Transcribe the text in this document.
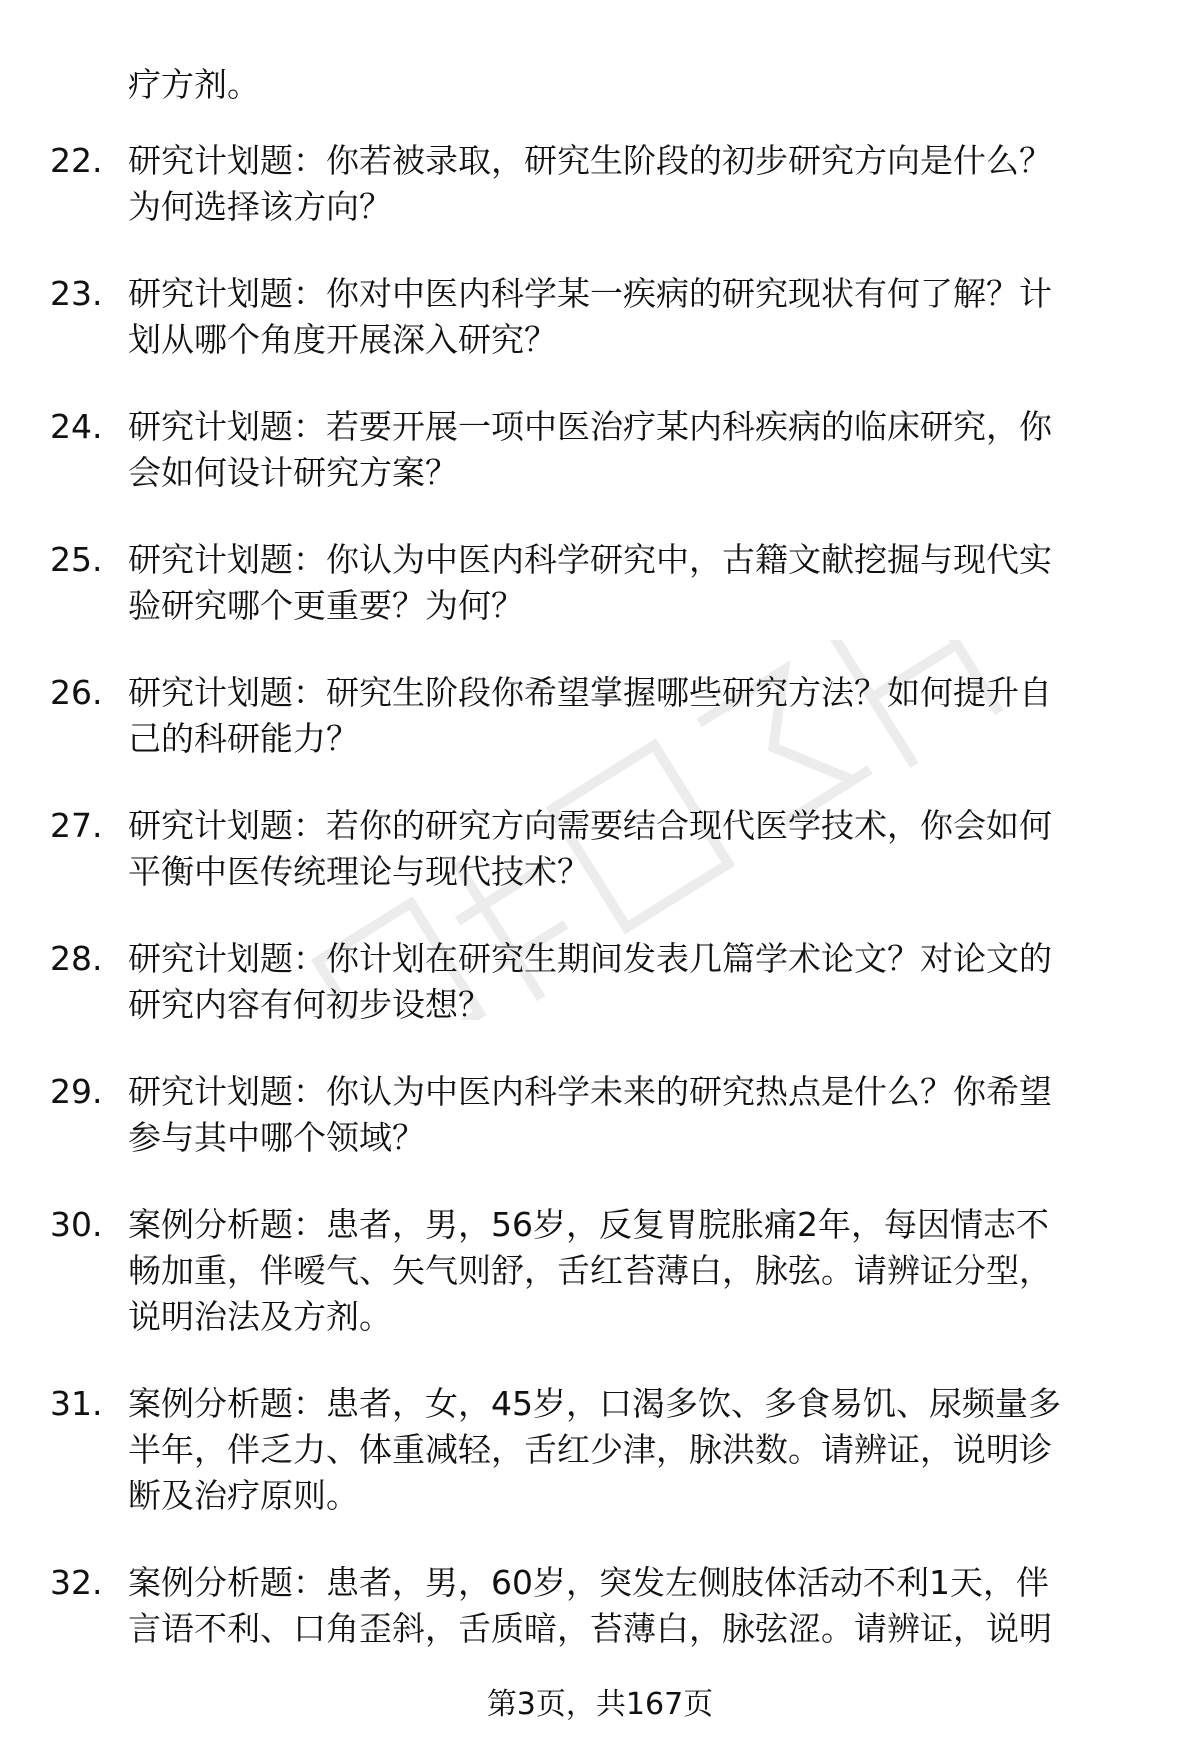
疗方剂。
22. 研究计划题：你若被录取，研究生阶段的初步研究方向是什么？
为何选择该方向？
23. 研究计划题：你对中医内科学某一疾病的研究现状有何了解？计
划从哪个角度开展深入研究？
24. 研究计划题：若要开展一项中医治疗某内科疾病的临床研究，你
会如何设计研究方案？
25. 研究计划题：你认为中医内科学研究中，古籍文献挖掘与现代实
验研究哪个更重要？为何？
26. 研究计划题：研究生阶段你希望掌握哪些研究方法？如何提升自
己的科研能力？
27. 研究计划题：若你的研究方向需要结合现代医学技术，你会如何
平衡中医传统理论与现代技术？
28. 研究计划题：你计划在研究生期间发表几篇学术论文？对论文的
研究内容有何初步设想？
29. 研究计划题：你认为中医内科学未来的研究热点是什么？你希望
参与其中哪个领域？
30. 案例分析题：患者，男，56岁，反复胃脘胀痛2年，每因情志不
畅加重，伴嗳气、矢气则舒，舌红苔薄白，脉弦。请辨证分型，
说明治法及方剂。
31. 案例分析题：患者，女，45岁，口渴多饮、多食易饥、尿频量多
半年，伴乏力、体重减轻，舌红少津，脉洪数。请辨证，说明诊
断及治疗原则。
32. 案例分析题：患者，男，60岁，突发左侧肢体活动不利1天，伴
言语不利、口角歪斜，舌质暗，苔薄白，脉弦涩。请辨证，说明
第3页，共167页
